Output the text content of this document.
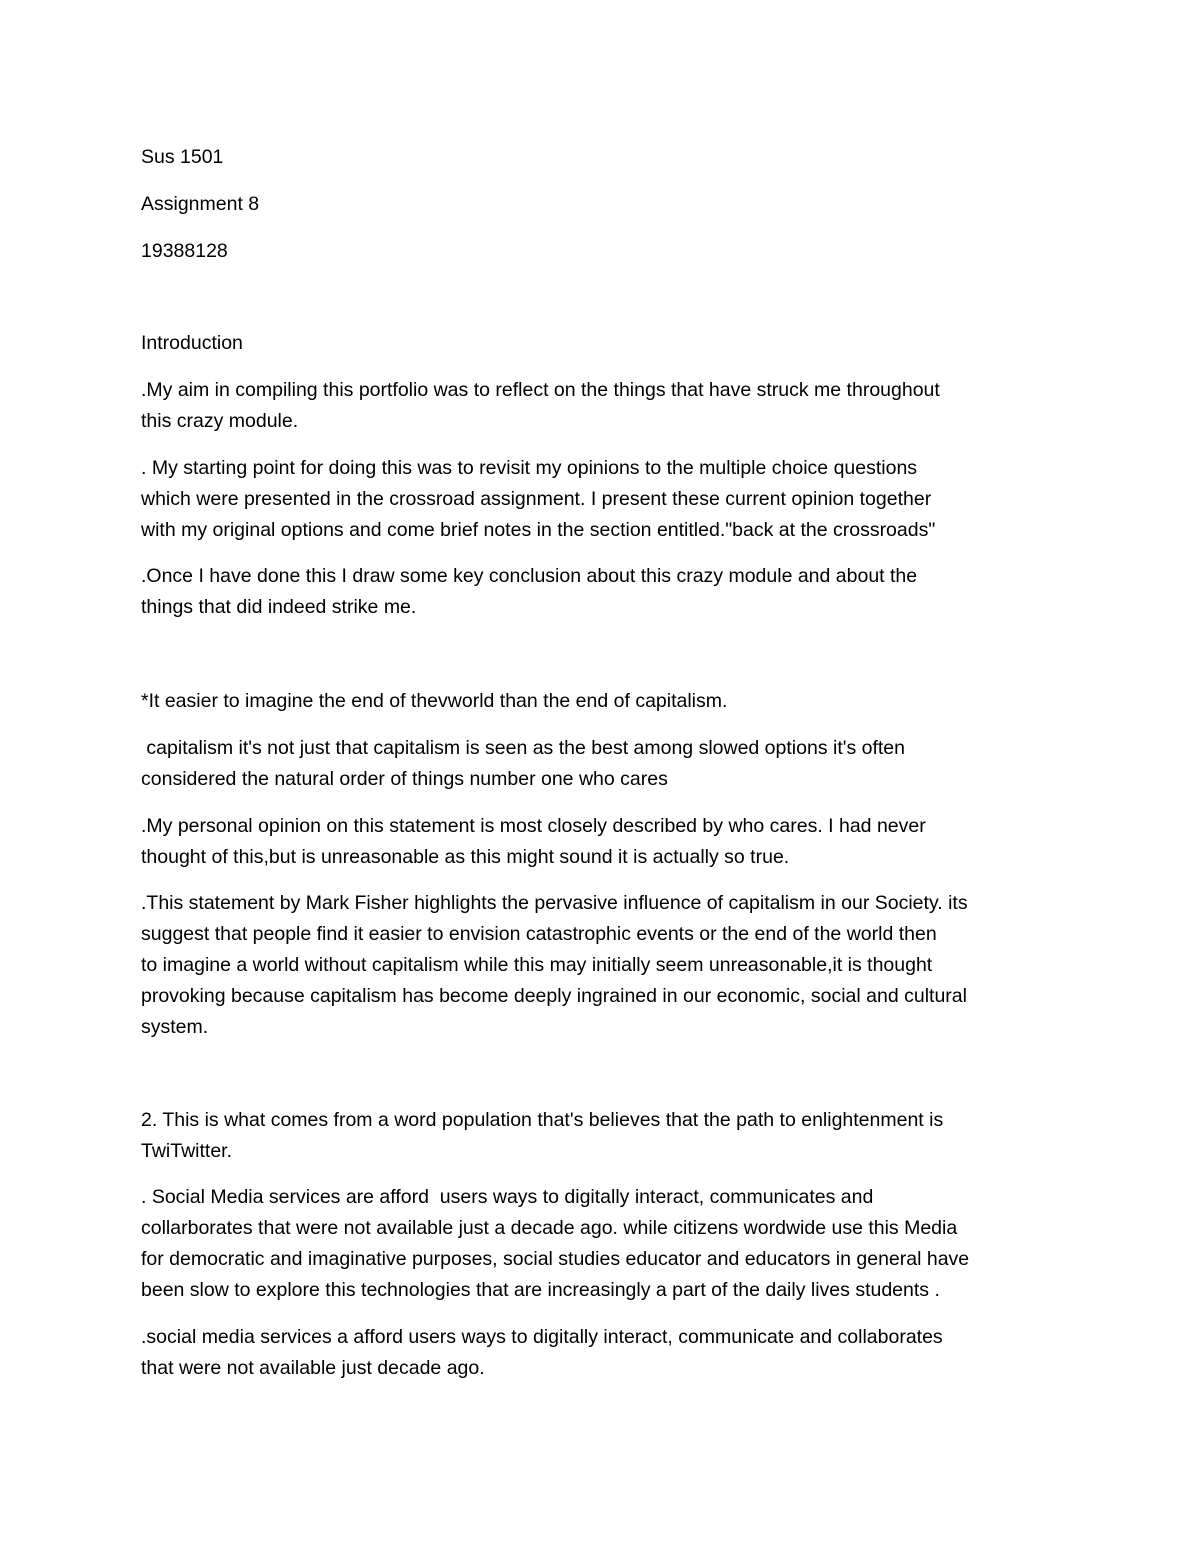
Sus 1501

Assignment 8

19388128

Introduction

.My aim in compiling this portfolio was to reflect on the things that have struck me throughout
this crazy module.

. My starting point for doing this was to revisit my opinions to the multiple choice questions
which were presented in the crossroad assignment. I present these current opinion together
with my original options and come brief notes in the section entitled."back at the crossroads"

.Once I have done this I draw some key conclusion about this crazy module and about the
things that did indeed strike me.

*It easier to imagine the end of thevworld than the end of capitalism.

capitalism it's not just that capitalism is seen as the best among slowed options it's often
considered the natural order of things number one who cares

.My personal opinion on this statement is most closely described by who cares. I had never
thought of this,but is unreasonable as this might sound it is actually so true.

.This statement by Mark Fisher highlights the pervasive influence of capitalism in our Society. its
suggest that people find it easier to envision catastrophic events or the end of the world then
to imagine a world without capitalism while this may initially seem unreasonable,it is thought
provoking because capitalism has become deeply ingrained in our economic, social and cultural
system.

2. This is what comes from a word population that's believes that the path to enlightenment is
TwiTwitter.

. Social Media services are afford  users ways to digitally interact, communicates and
collarborates that were not available just a decade ago. while citizens wordwide use this Media
for democratic and imaginative purposes, social studies educator and educators in general have
been slow to explore this technologies that are increasingly a part of the daily lives students .

.social media services a afford users ways to digitally interact, communicate and collaborates
that were not available just decade ago.
